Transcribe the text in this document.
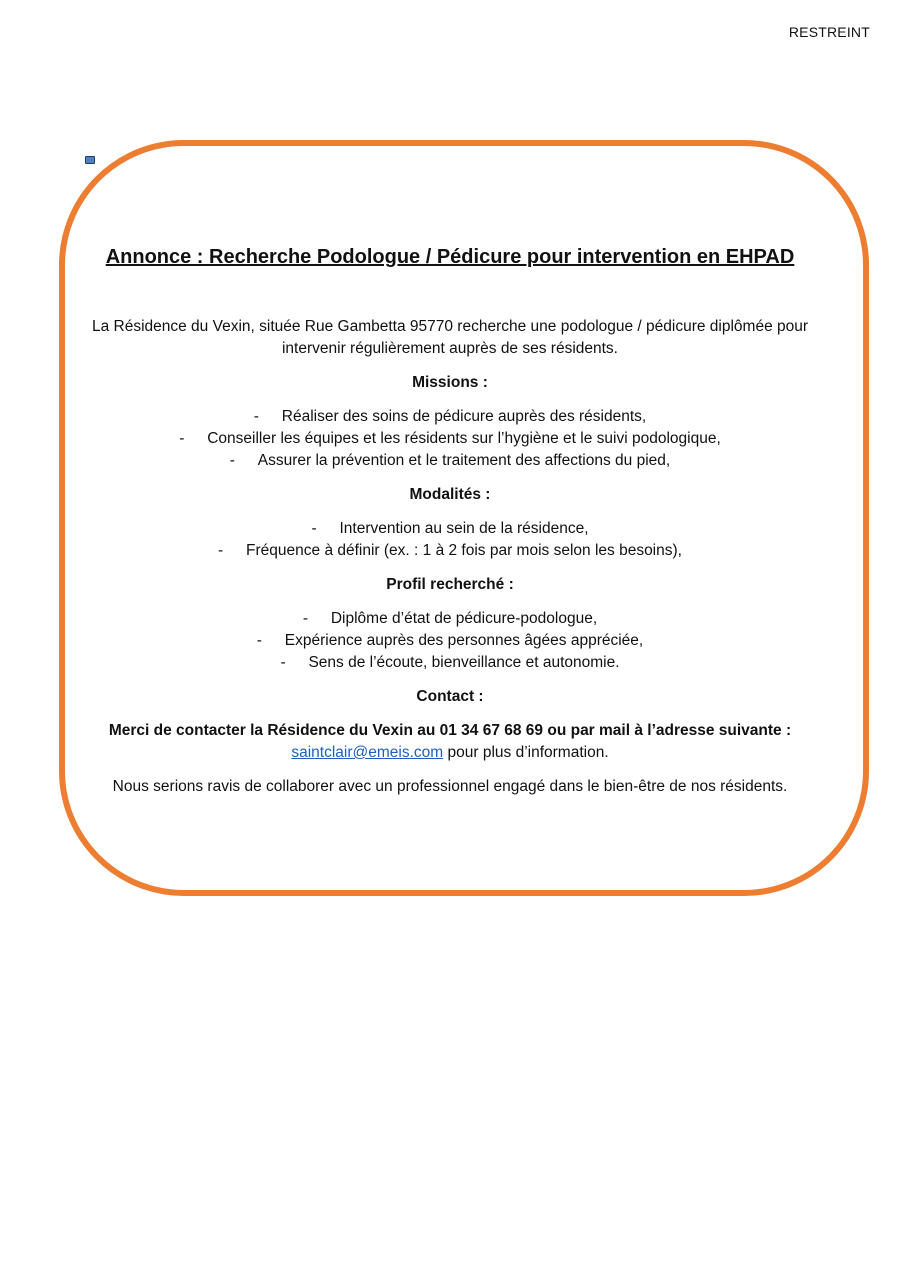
RESTREINT
Annonce : Recherche Podologue / Pédicure pour intervention en EHPAD

La Résidence du Vexin, située Rue Gambetta 95770 recherche une podologue / pédicure diplômée pour
intervenir régulièrement auprès de ses résidents.

Missions :

- Réaliser des soins de pédicure auprès des résidents,
- Conseiller les équipes et les résidents sur l’hygiène et le suivi podologique,
- Assurer la prévention et le traitement des affections du pied,

Modalités :

- Intervention au sein de la résidence,
- Fréquence à définir (ex. : 1 à 2 fois par mois selon les besoins),

Profil recherché :

- Diplôme d’état de pédicure-podologue,
- Expérience auprès des personnes âgées appréciée,
- Sens de l’écoute, bienveillance et autonomie.

Contact :

Merci de contacter la Résidence du Vexin au 01 34 67 68 69 ou par mail à l’adresse suivante :
saintclair@emeis.com pour plus d’information.

Nous serions ravis de collaborer avec un professionnel engagé dans le bien-être de nos résidents.
